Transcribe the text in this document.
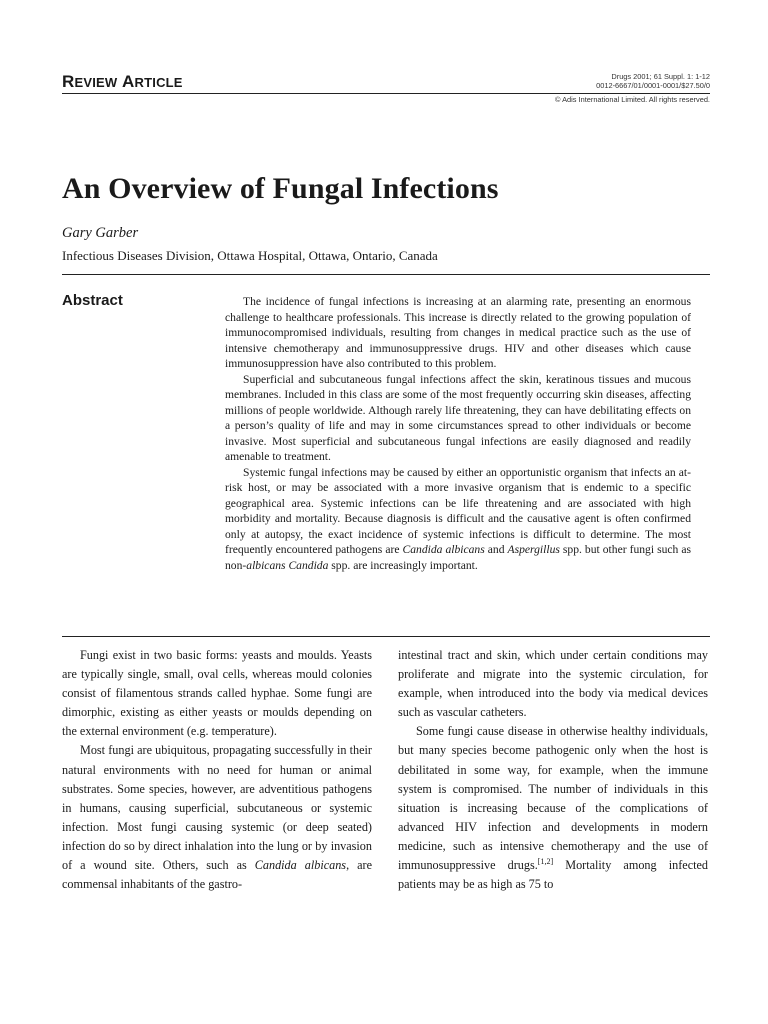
REVIEW ARTICLE	Drugs 2001; 61 Suppl. 1: 1-12
0012-6667/01/0001-0001/$27.50/0
© Adis International Limited. All rights reserved.
An Overview of Fungal Infections
Gary Garber
Infectious Diseases Division, Ottawa Hospital, Ottawa, Ontario, Canada
Abstract	The incidence of fungal infections is increasing at an alarming rate, presenting an enormous challenge to healthcare professionals. This increase is directly related to the growing population of immunocompromised individuals, resulting from changes in medical practice such as the use of intensive chemotherapy and immunosuppressive drugs. HIV and other diseases which cause immunosuppression have also contributed to this problem.

Superficial and subcutaneous fungal infections affect the skin, keratinous tissues and mucous membranes. Included in this class are some of the most frequently occurring skin diseases, affecting millions of people worldwide. Although rarely life threatening, they can have debilitating effects on a person’s quality of life and may in some circumstances spread to other individuals or become invasive. Most superficial and subcutaneous fungal infections are easily diagnosed and readily amenable to treatment.

Systemic fungal infections may be caused by either an opportunistic organism that infects an at-risk host, or may be associated with a more invasive organism that is endemic to a specific geographical area. Systemic infections can be life threatening and are associated with high morbidity and mortality. Because diagnosis is difficult and the causative agent is often confirmed only at autopsy, the exact incidence of systemic infections is difficult to determine. The most frequently encountered pathogens are Candida albicans and Aspergillus spp. but other fungi such as non-albicans Candida spp. are increasingly important.

Fungi exist in two basic forms: yeasts and moulds. Yeasts are typically single, small, oval cells, whereas mould colonies consist of filamentous strands called hyphae. Some fungi are dimorphic, existing as either yeasts or moulds depending on the external environment (e.g. temperature).

Most fungi are ubiquitous, propagating successfully in their natural environments with no need for human or animal substrates. Some species, however, are adventitious pathogens in humans, causing superficial, subcutaneous or systemic infection. Most fungi causing systemic (or deep seated) infection do so by direct inhalation into the lung or by invasion of a wound site. Others, such as Candida albicans, are commensal inhabitants of the gastro-

intestinal tract and skin, which under certain conditions may proliferate and migrate into the systemic circulation, for example, when introduced into the body via medical devices such as vascular catheters.

Some fungi cause disease in otherwise healthy individuals, but many species become pathogenic only when the host is debilitated in some way, for example, when the immune system is compromised. The number of individuals in this situation is increasing because of the complications of advanced HIV infection and developments in modern medicine, such as intensive chemotherapy and the use of immunosuppressive drugs.[1,2] Mortality among infected patients may be as high as 75 to
